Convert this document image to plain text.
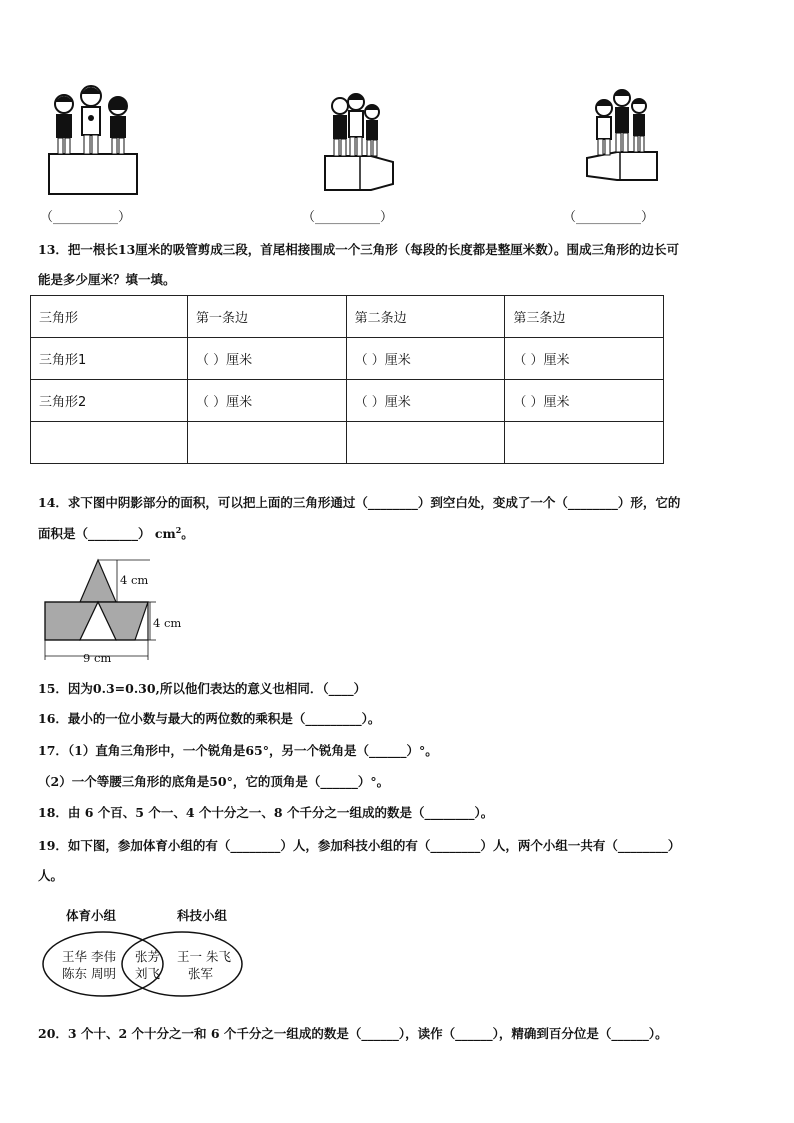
（__________）	（__________）	（__________）
13．把一根长13厘米的吸管剪成三段，首尾相接围成一个三角形（每段的长度都是整厘米数）。围成三角形的边长可
能是多少厘米？填一填。
三角形	第一条边	第二条边	第三条边
三角形1	（ ）厘米	（ ）厘米	（ ）厘米
三角形2	（ ）厘米	（ ）厘米	（ ）厘米

14．求下图中阴影部分的面积，可以把上面的三角形通过（________）到空白处，变成了一个（________）形，它的
面积是（________） $cm^2$。
4 cm
4 cm
9 cm
15．因为0.3=0.30,所以他们表达的意义也相同．（____）
16．最小的一位小数与最大的两位数的乘积是（_________）。
17．（1）直角三角形中，一个锐角是65°，另一个锐角是（______）°。
（2）一个等腰三角形的底角是50°，它的顶角是（______）°。
18．由 6 个百、5 个一、4 个十分之一、8 个千分之一组成的数是（________）。
19．如下图，参加体育小组的有（________）人，参加科技小组的有（________）人，两个小组一共有（________）
人。
体育小组	科技小组
王华 李伟
陈东 周明
张芳
刘飞
王一 朱飞
张军
20．3 个十、2 个十分之一和 6 个千分之一组成的数是（______），读作（______），精确到百分位是（______）。
